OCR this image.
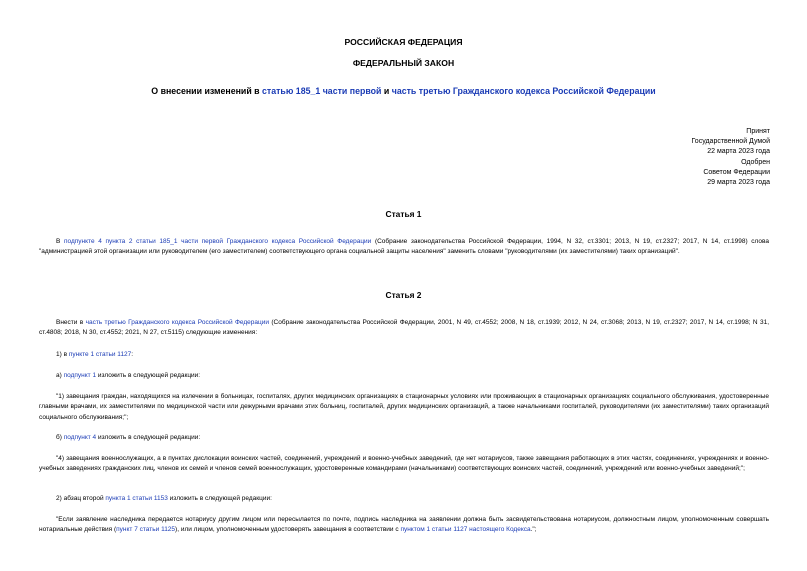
РОССИЙСКАЯ ФЕДЕРАЦИЯ
ФЕДЕРАЛЬНЫЙ ЗАКОН
О внесении изменений в статью 185_1 части первой и часть третью Гражданского кодекса Российской Федерации
Принят
Государственной Думой
22 марта 2023 года
Одобрен
Советом Федерации
29 марта 2023 года
Статья 1
В подпункте 4 пункта 2 статьи 185_1 части первой Гражданского кодекса Российской Федерации (Собрание законодательства Российской Федерации, 1994, N 32, ст.3301; 2013, N 19, ст.2327; 2017, N 14, ст.1998) слова "администрацией этой организации или руководителем (его заместителем) соответствующего органа социальной защиты населения" заменить словами "руководителями (их заместителями) таких организаций".
Статья 2
Внести в часть третью Гражданского кодекса Российской Федерации (Собрание законодательства Российской Федерации, 2001, N 49, ст.4552; 2008, N 18, ст.1939; 2012, N 24, ст.3068; 2013, N 19, ст.2327; 2017, N 14, ст.1998; N 31, ст.4808; 2018, N 30, ст.4552; 2021, N 27, ст.5115) следующие изменения:
1) в пункте 1 статьи 1127:
а) подпункт 1 изложить в следующей редакции:
"1) завещания граждан, находящихся на излечении в больницах, госпиталях, других медицинских организациях в стационарных условиях или проживающих в стационарных организациях социального обслуживания, удостоверенные главными врачами, их заместителями по медицинской части или дежурными врачами этих больниц, госпиталей, других медицинских организаций, а также начальниками госпиталей, руководителями (их заместителями) таких организаций социального обслуживания;";
б) подпункт 4 изложить в следующей редакции:
"4) завещания военнослужащих, а в пунктах дислокации воинских частей, соединений, учреждений и военно-учебных заведений, где нет нотариусов, также завещания работающих в этих частях, соединениях, учреждениях и военно-учебных заведениях гражданских лиц, членов их семей и членов семей военнослужащих, удостоверенные командирами (начальниками) соответствующих воинских частей, соединений, учреждений или военно-учебных заведений;";
2) абзац второй пункта 1 статьи 1153 изложить в следующей редакции:
"Если заявление наследника передается нотариусу другим лицом или пересылается по почте, подпись наследника на заявлении должна быть засвидетельствована нотариусом, должностным лицом, уполномоченным совершать нотариальные действия (пункт 7 статьи 1125), или лицом, уполномоченным удостоверять завещания в соответствии с пунктом 1 статьи 1127 настоящего Кодекса.";
